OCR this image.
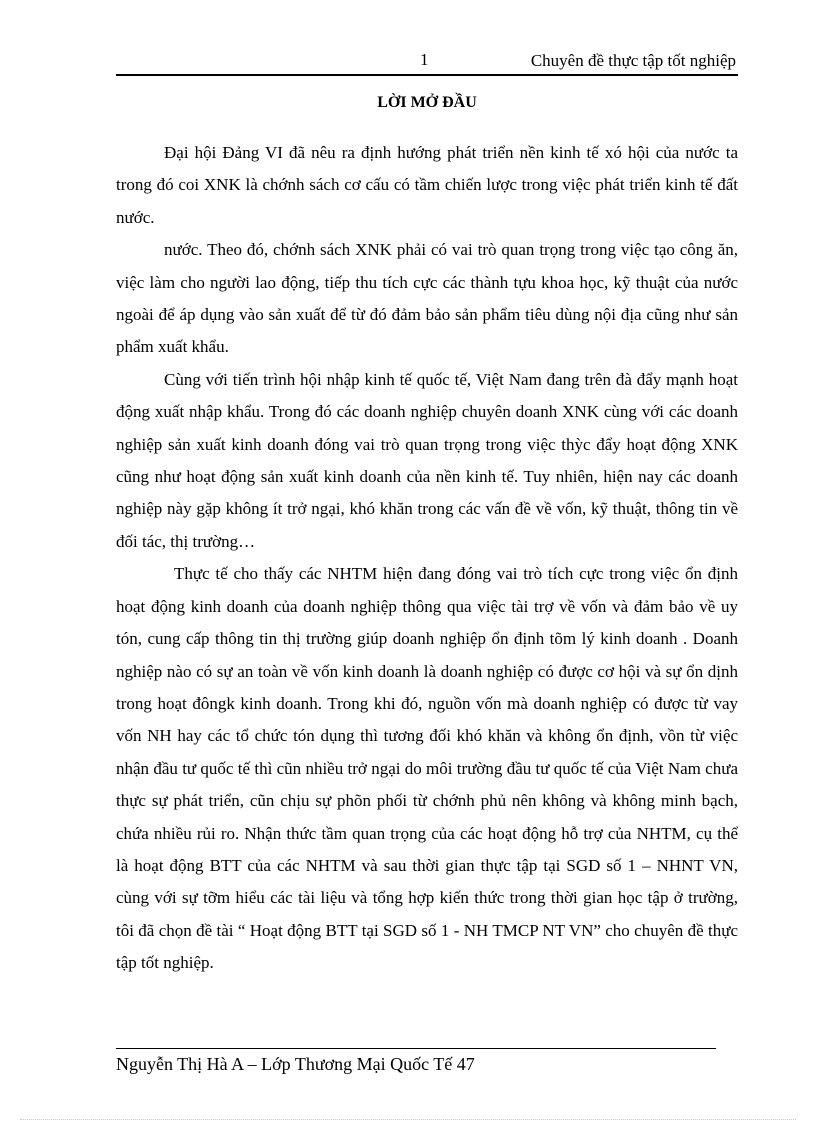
1	Chuyên đề thực tập tốt nghiệp
LỜI MỞ ĐẦU

Đại hội Đảng VI đã nêu ra định hướng phát triển nền kinh tế xó hội của nước ta trong đó coi XNK là chớnh sách cơ cấu có tầm chiến lược trong việc phát triển kinh tế đất nước.

nước. Theo đó, chớnh sách XNK phải có vai trò quan trọng trong việc tạo công ăn, việc làm cho người lao động, tiếp thu tích cực các thành tựu khoa học, kỹ thuật của nước ngoài để áp dụng vào sản xuất để từ đó đảm bảo sản phẩm tiêu dùng nội địa cũng như sản phẩm xuất khẩu.

Cùng với tiến trình hội nhập kinh tế quốc tế, Việt Nam đang trên đà đẩy mạnh hoạt động xuất nhập khẩu. Trong đó các doanh nghiệp chuyên doanh XNK cùng với các doanh nghiệp sản xuất kinh doanh đóng vai trò quan trọng trong việc thỳc đẩy hoạt động XNK cũng như hoạt động sản xuất kinh doanh của nền kinh tế. Tuy nhiên, hiện nay các doanh nghiệp này gặp không ít trở ngại, khó khăn trong các vấn đề về vốn, kỹ thuật, thông tin về đối tác, thị trường…

Thực tế cho thấy các NHTM hiện đang đóng vai trò tích cực trong việc ổn định hoạt động kinh doanh của doanh nghiệp thông qua việc tài trợ về vốn và đảm bảo về uy tón, cung cấp thông tin thị trường giúp doanh nghiệp ổn định tõm lý kinh doanh . Doanh nghiệp nào có sự an toàn về vốn kinh doanh là doanh nghiệp có được cơ hội và sự ổn dịnh trong hoạt đôngk kinh doanh. Trong khi đó, nguồn vốn mà doanh nghiệp có được từ vay vốn NH hay các tổ chức tón dụng thì tương đối khó khăn và không ổn định, vồn từ việc nhận đầu tư quốc tế thì cũn nhiều trở ngại do môi trường đầu tư quốc tế của Việt Nam chưa thực sự phát triển, cũn chịu sự phõn phối từ chớnh phủ nên không và không minh bạch, chứa nhiều rủi ro. Nhận thức tầm quan trọng của các hoạt động hỗ trợ của NHTM, cụ thể là hoạt động BTT của các NHTM và sau thời gian thực tập tại SGD số 1 – NHNT VN, cùng với sự tỡm hiểu các tài liệu và tổng hợp kiến thức trong thời gian học tập ở trường, tôi đã chọn đề tài “ Hoạt động BTT tại SGD số 1 - NH TMCP NT VN” cho chuyên đề thực tập tốt nghiệp.

Nguyễn Thị Hà A – Lớp Thương Mại Quốc Tế 47
